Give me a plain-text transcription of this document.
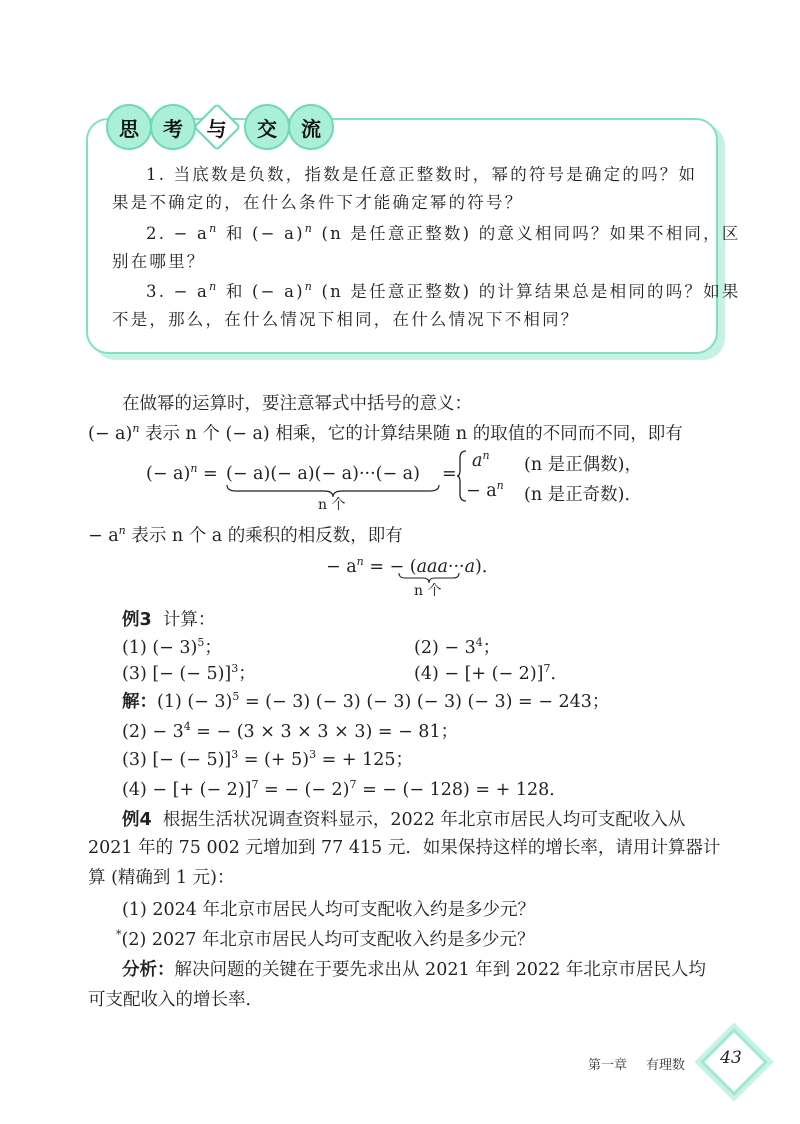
思 考 与 交 流
1. 当底数是负数，指数是任意正整数时，幂的符号是确定的吗？如
果是不确定的，在什么条件下才能确定幂的符号？
2. − $a^n$ 和 (− a)$^n$ (n 是任意正整数) 的意义相同吗？如果不相同，区
别在哪里？
3. − $a^n$ 和 (− a)$^n$ (n 是任意正整数) 的计算结果总是相同的吗？如果
不是，那么，在什么情况下相同，在什么情况下不相同？
在做幂的运算时，要注意幂式中括号的意义：
(− a)$^n$ 表示 n 个 (− a) 相乘，它的计算结果随 n 的取值的不同而不同，即有
(− a)$^n$ = (− a)(− a)(− a)···(− a)
n 个
=
$a^n$ (n 是正偶数)，
− $a^n$ (n 是正奇数)．
− $a^n$ 表示 n 个 a 的乘积的相反数，即有
− $a^n$ = − (aaa···a)．
n 个
例3 计算：
(1) (− 3)$^5$；	$(2) - 3^4$；
(3) [− (− 5)]$^3$；	(4) − [+ (− 2)]$^7$．
解：(1) (− 3)$^5$ = (− 3) (− 3) (− 3) (− 3) (− 3) = − 243；
$(2) - 3^4$ = − (3 × 3 × 3 × 3) = − 81；
(3) [− (− 5)]$^3$ = (+ 5)$^3$ = + 125；
(4) − [+ (− 2)]$^7$ = − (− 2)$^7$ = − (− 128) = + 128．
例4 根据生活状况调查资料显示，2022 年北京市居民人均可支配收入从
2021 年的 75 002 元增加到 77 415 元．如果保持这样的增长率，请用计算器计
算 (精确到 1 元)：
(1) 2024 年北京市居民人均可支配收入约是多少元？
*(2) 2027 年北京市居民人均可支配收入约是多少元？
分析：解决问题的关键在于要先求出从 2021 年到 2022 年北京市居民人均
可支配收入的增长率．
第一章 有理数	43
